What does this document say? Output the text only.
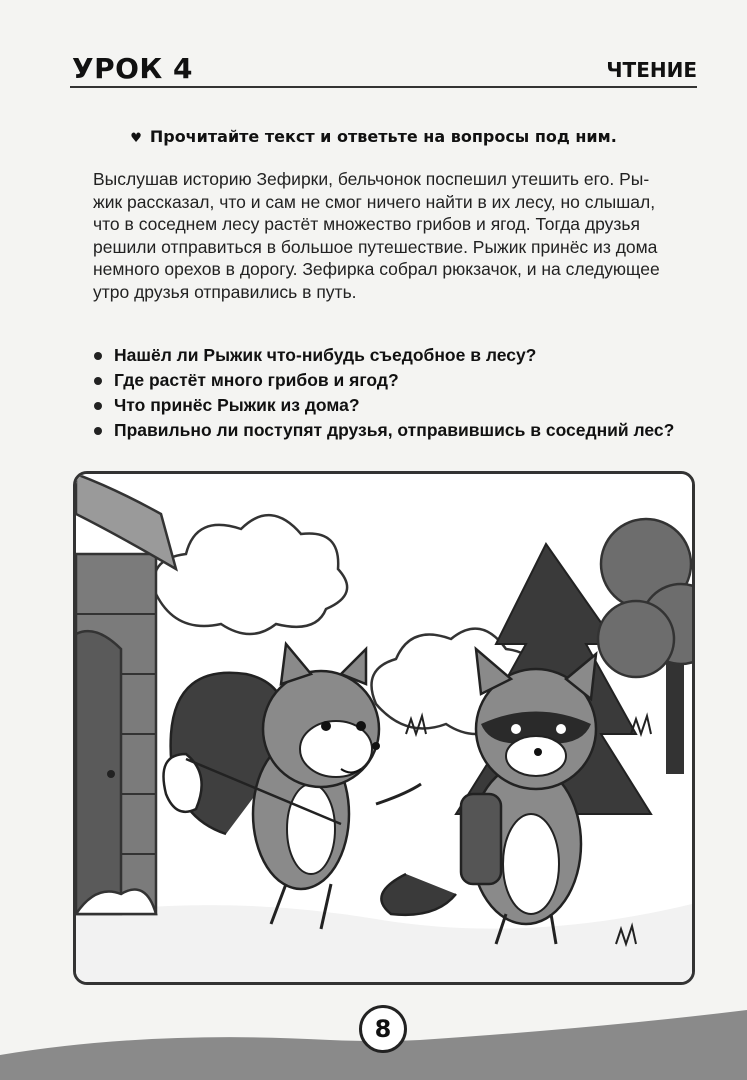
УРОК 4	ЧТЕНИЕ
♥ Прочитайте текст и ответьте на вопросы под ним.
Выслушав историю Зефирки, бельчонок поспешил утешить его. Ры-
жик рассказал, что и сам не смог ничего найти в их лесу, но слышал,
что в соседнем лесу растёт множество грибов и ягод. Тогда друзья
решили отправиться в большое путешествие. Рыжик принёс из дома
немного орехов в дорогу. Зефирка собрал рюкзачок, и на следующее
утро друзья отправились в путь.
Нашёл ли Рыжик что-нибудь съедобное в лесу?
Где растёт много грибов и ягод?
Что принёс Рыжик из дома?
Правильно ли поступят друзья, отправившись в соседний лес?
8
